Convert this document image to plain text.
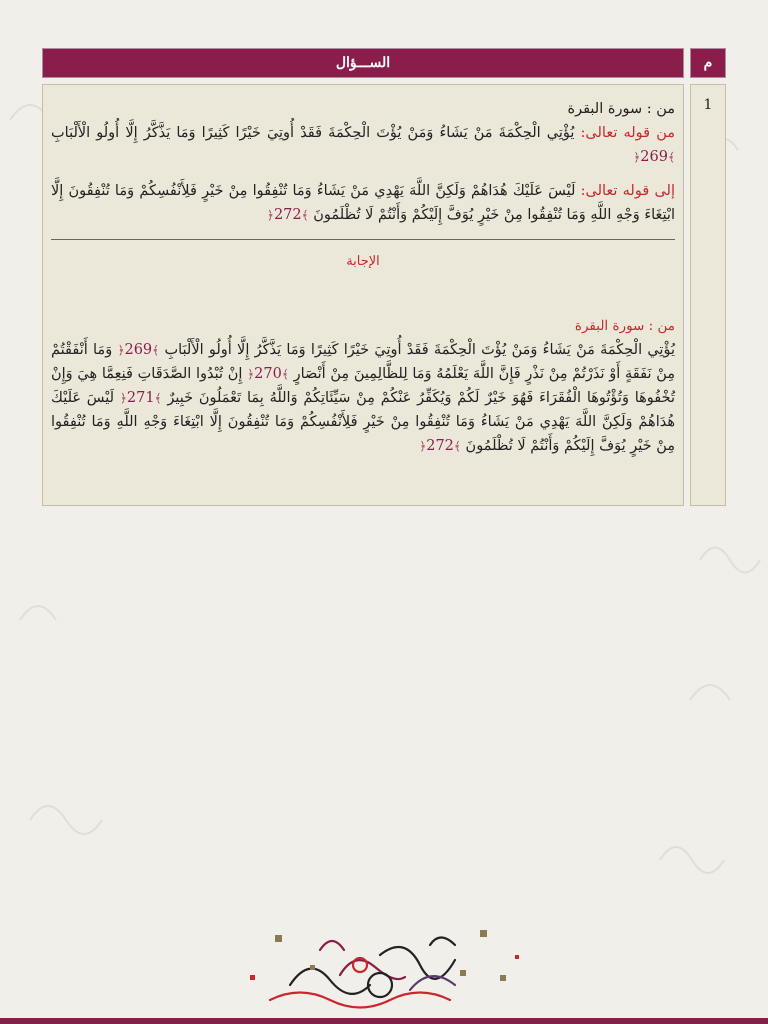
م
الســـؤال
1

من : سورة البقرة

من قوله تعالى: يُؤْتِي الْحِكْمَةَ مَنْ يَشَاءُ وَمَنْ يُؤْتَ الْحِكْمَةَ فَقَدْ أُوتِيَ خَيْرًا كَثِيرًا وَمَا يَذَّكَّرُ إِلَّا أُولُو الْأَلْبَابِ ﴾269﴿

إلى قوله تعالى: لَيْسَ عَلَيْكَ هُدَاهُمْ وَلَكِنَّ اللَّهَ يَهْدِي مَنْ يَشَاءُ وَمَا تُنْفِقُوا مِنْ خَيْرٍ فَلِأَنْفُسِكُمْ وَمَا تُنْفِقُونَ إِلَّا ابْتِغَاءَ وَجْهِ اللَّهِ وَمَا تُنْفِقُوا مِنْ خَيْرٍ يُوَفَّ إِلَيْكُمْ وَأَنْتُمْ لَا تُظْلَمُونَ ﴾272﴿

الإجابة

من : سورة البقرة

يُؤْتِي الْحِكْمَةَ مَنْ يَشَاءُ وَمَنْ يُؤْتَ الْحِكْمَةَ فَقَدْ أُوتِيَ خَيْرًا كَثِيرًا وَمَا يَذَّكَّرُ إِلَّا أُولُو الْأَلْبَابِ ﴾269﴿ وَمَا أَنْفَقْتُمْ مِنْ نَفَقَةٍ أَوْ نَذَرْتُمْ مِنْ نَذْرٍ فَإِنَّ اللَّهَ يَعْلَمُهُ وَمَا لِلظَّالِمِينَ مِنْ أَنْصَارٍ ﴾270﴿ إِنْ تُبْدُوا الصَّدَقَاتِ فَنِعِمَّا هِيَ وَإِنْ تُخْفُوهَا وَتُؤْتُوهَا الْفُقَرَاءَ فَهُوَ خَيْرٌ لَكُمْ وَيُكَفِّرُ عَنْكُمْ مِنْ سَيِّئَاتِكُمْ وَاللَّهُ بِمَا تَعْمَلُونَ خَبِيرٌ ﴾271﴿ لَيْسَ عَلَيْكَ هُدَاهُمْ وَلَكِنَّ اللَّهَ يَهْدِي مَنْ يَشَاءُ وَمَا تُنْفِقُوا مِنْ خَيْرٍ فَلِأَنْفُسِكُمْ وَمَا تُنْفِقُونَ إِلَّا ابْتِغَاءَ وَجْهِ اللَّهِ وَمَا تُنْفِقُوا مِنْ خَيْرٍ يُوَفَّ إِلَيْكُمْ وَأَنْتُمْ لَا تُظْلَمُونَ ﴾272﴿
